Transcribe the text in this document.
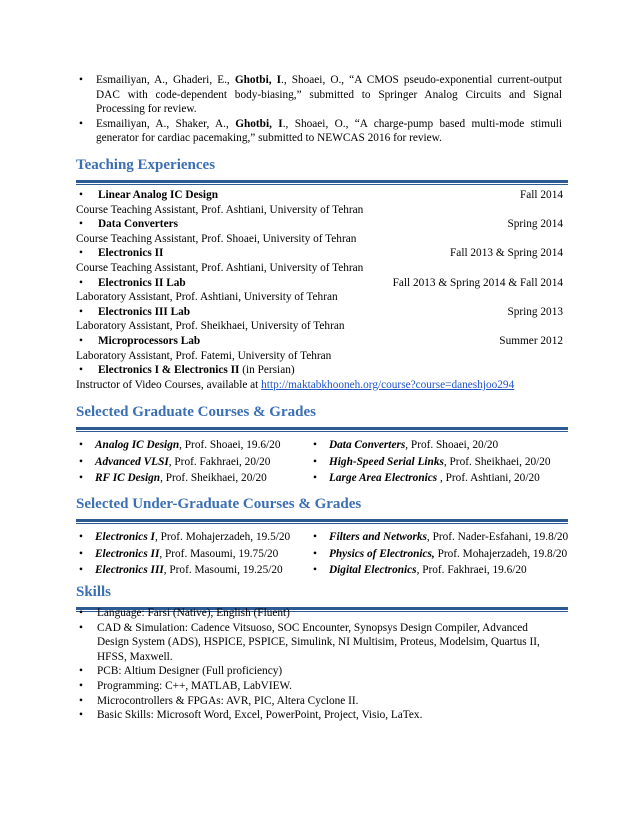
• Esmailiyan, A., Ghaderi, E., Ghotbi, I., Shoaei, O., “A CMOS pseudo-exponential current-output DAC with code-dependent body-biasing,” submitted to Springer Analog Circuits and Signal Processing for review.
• Esmailiyan, A., Shaker, A., Ghotbi, I., Shoaei, O., “A charge-pump based multi-mode stimuli generator for cardiac pacemaking,” submitted to NEWCAS 2016 for review.
Teaching Experiences
• Linear Analog IC Design	Fall 2014
Course Teaching Assistant, Prof. Ashtiani, University of Tehran
• Data Converters	Spring 2014
Course Teaching Assistant, Prof. Shoaei, University of Tehran
• Electronics II	Fall 2013 & Spring 2014
Course Teaching Assistant, Prof. Ashtiani, University of Tehran
• Electronics II Lab	Fall 2013 & Spring 2014 & Fall 2014
Laboratory Assistant, Prof. Ashtiani, University of Tehran
• Electronics III Lab	Spring 2013
Laboratory Assistant, Prof. Sheikhaei, University of Tehran
• Microprocessors Lab	Summer 2012
Laboratory Assistant, Prof. Fatemi, University of Tehran
• Electronics I & Electronics II (in Persian)
Instructor of Video Courses, available at http://maktabkhooneh.org/course?course=daneshjoo294
Selected Graduate Courses & Grades
• Analog IC Design, Prof. Shoaei, 19.6/20	• Data Converters, Prof. Shoaei, 20/20
• Advanced VLSI, Prof. Fakhraei, 20/20	• High-Speed Serial Links, Prof. Sheikhaei, 20/20
• RF IC Design, Prof. Sheikhaei, 20/20	• Large Area Electronics , Prof. Ashtiani, 20/20
Selected Under-Graduate Courses & Grades
• Electronics I, Prof. Mohajerzadeh, 19.5/20 • Filters and Networks, Prof. Nader-Esfahani, 19.8/20
• Electronics II, Prof. Masoumi, 19.75/20	• Physics of Electronics, Prof. Mohajerzadeh, 19.8/20
• Electronics III, Prof. Masoumi, 19.25/20	• Digital Electronics, Prof. Fakhraei, 19.6/20
Skills
• Language: Farsi (Native), English (Fluent)
• CAD & Simulation: Cadence Vitsuoso, SOC Encounter, Synopsys Design Compiler, Advanced Design System (ADS), HSPICE, PSPICE, Simulink, NI Multisim, Proteus, Modelsim, Quartus II, HFSS, Maxwell.
• PCB: Altium Designer (Full proficiency)
• Programming: C++, MATLAB, LabVIEW.
• Microcontrollers & FPGAs: AVR, PIC, Altera Cyclone II.
• Basic Skills: Microsoft Word, Excel, PowerPoint, Project, Visio, LaTex.
